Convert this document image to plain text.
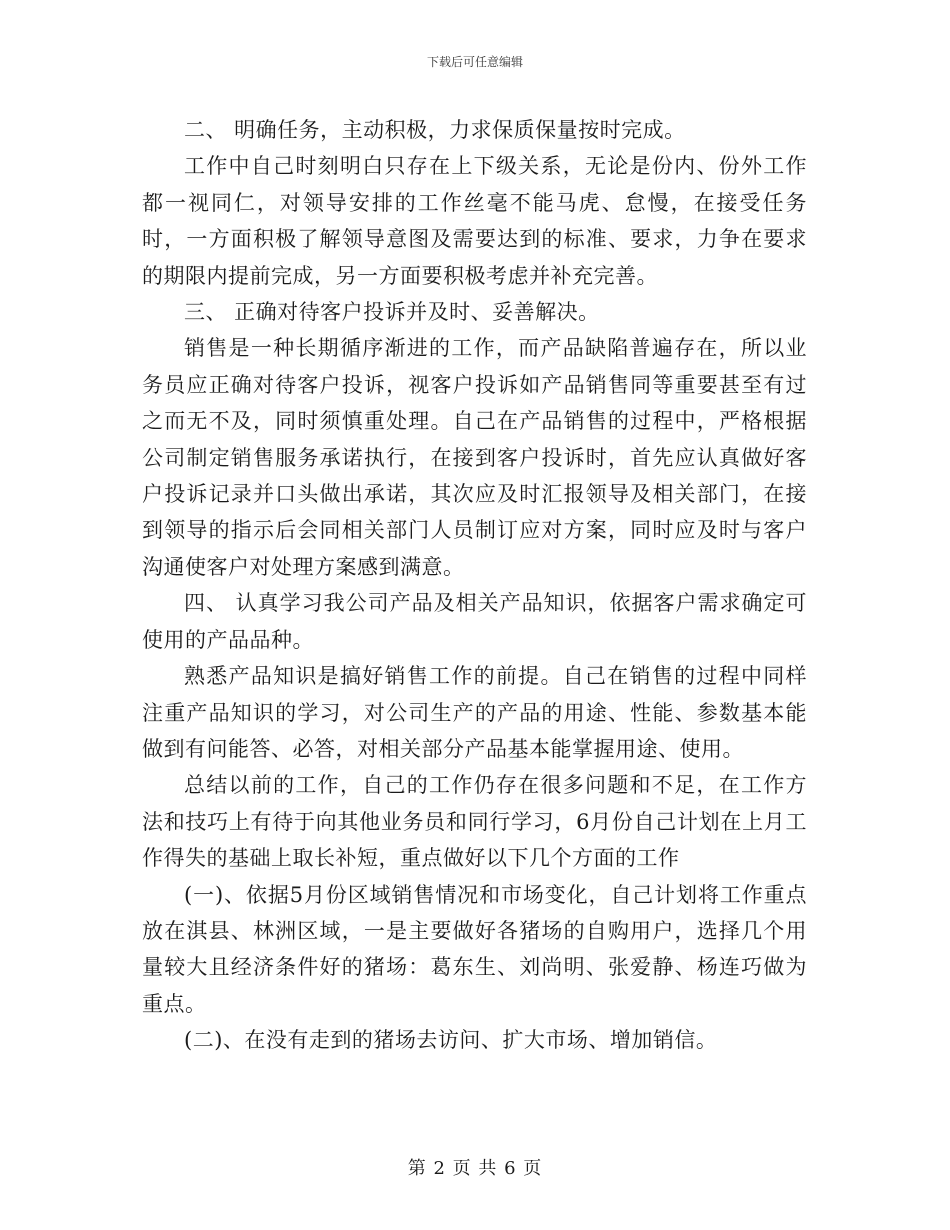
下载后可任意编辑

二、 明确任务，主动积极，力求保质保量按时完成。

工作中自己时刻明白只存在上下级关系，无论是份内、份外工作都一视同仁，对领导安排的工作丝毫不能马虎、怠慢，在接受任务时，一方面积极了解领导意图及需要达到的标准、要求，力争在要求的期限内提前完成，另一方面要积极考虑并补充完善。

三、 正确对待客户投诉并及时、妥善解决。

销售是一种长期循序渐进的工作，而产品缺陷普遍存在，所以业务员应正确对待客户投诉，视客户投诉如产品销售同等重要甚至有过之而无不及，同时须慎重处理。自己在产品销售的过程中，严格根据公司制定销售服务承诺执行，在接到客户投诉时，首先应认真做好客户投诉记录并口头做出承诺，其次应及时汇报领导及相关部门，在接到领导的指示后会同相关部门人员制订应对方案，同时应及时与客户沟通使客户对处理方案感到满意。

四、 认真学习我公司产品及相关产品知识，依据客户需求确定可使用的产品品种。

熟悉产品知识是搞好销售工作的前提。自己在销售的过程中同样注重产品知识的学习，对公司生产的产品的用途、性能、参数基本能做到有问能答、必答，对相关部分产品基本能掌握用途、使用。

总结以前的工作，自己的工作仍存在很多问题和不足，在工作方法和技巧上有待于向其他业务员和同行学习，6月份自己计划在上月工作得失的基础上取长补短，重点做好以下几个方面的工作

(一)、依据5月份区域销售情况和市场变化，自己计划将工作重点放在淇县、林洲区域，一是主要做好各猪场的自购用户，选择几个用量较大且经济条件好的猪场：葛东生、刘尚明、张爱静、杨连巧做为重点。

(二)、在没有走到的猪场去访问、扩大市场、增加销信。

第 2 页 共 6 页
